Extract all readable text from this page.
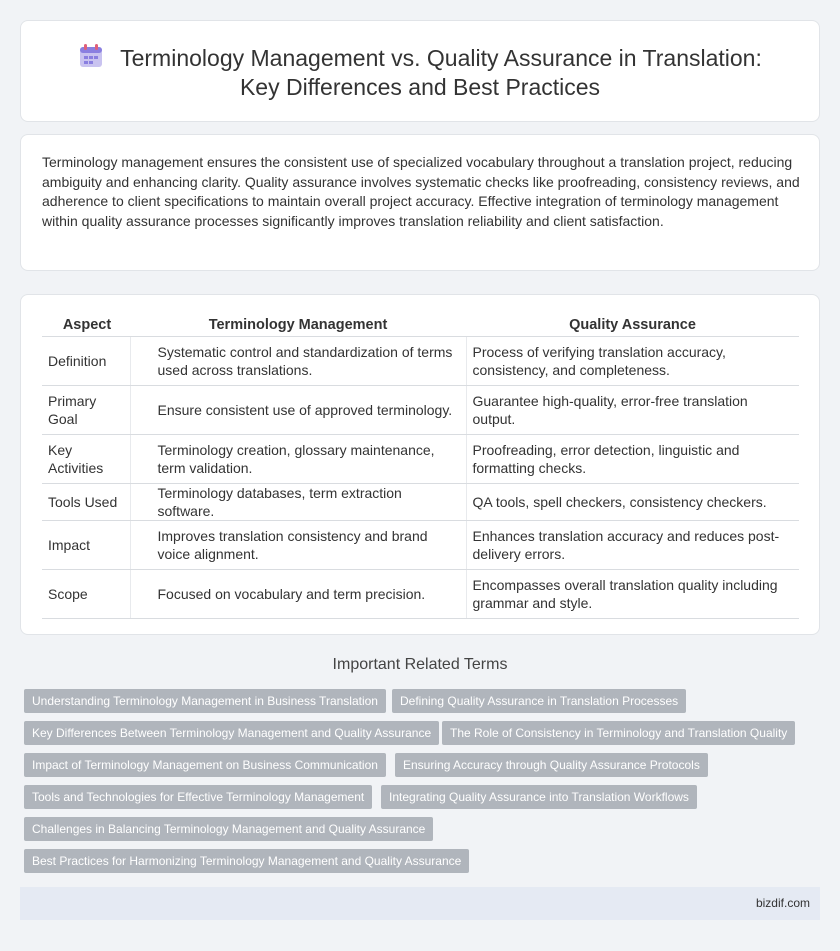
Terminology Management vs. Quality Assurance in Translation:
Key Differences and Best Practices

Terminology management ensures the consistent use of specialized vocabulary throughout a translation project, reducing ambiguity and enhancing clarity. Quality assurance involves systematic checks like proofreading, consistency reviews, and adherence to client specifications to maintain overall project accuracy. Effective integration of terminology management within quality assurance processes significantly improves translation reliability and client satisfaction.

Aspect	Terminology Management	Quality Assurance
Definition	Systematic control and standardization of terms used across translations.	Process of verifying translation accuracy, consistency, and completeness.
Primary Goal	Ensure consistent use of approved terminology.	Guarantee high-quality, error-free translation output.
Key Activities	Terminology creation, glossary maintenance, term validation.	Proofreading, error detection, linguistic and formatting checks.
Tools Used	Terminology databases, term extraction software.	QA tools, spell checkers, consistency checkers.
Impact	Improves translation consistency and brand voice alignment.	Enhances translation accuracy and reduces post-delivery errors.
Scope	Focused on vocabulary and term precision.	Encompasses overall translation quality including grammar and style.
Important Related Terms
Understanding Terminology Management in Business Translation	Defining Quality Assurance in Translation Processes
Key Differences Between Terminology Management and Quality Assurance	The Role of Consistency in Terminology and Translation Quality
Impact of Terminology Management on Business Communication	Ensuring Accuracy through Quality Assurance Protocols
Tools and Technologies for Effective Terminology Management	Integrating Quality Assurance into Translation Workflows
Challenges in Balancing Terminology Management and Quality Assurance
Best Practices for Harmonizing Terminology Management and Quality Assurance
bizdif.com
